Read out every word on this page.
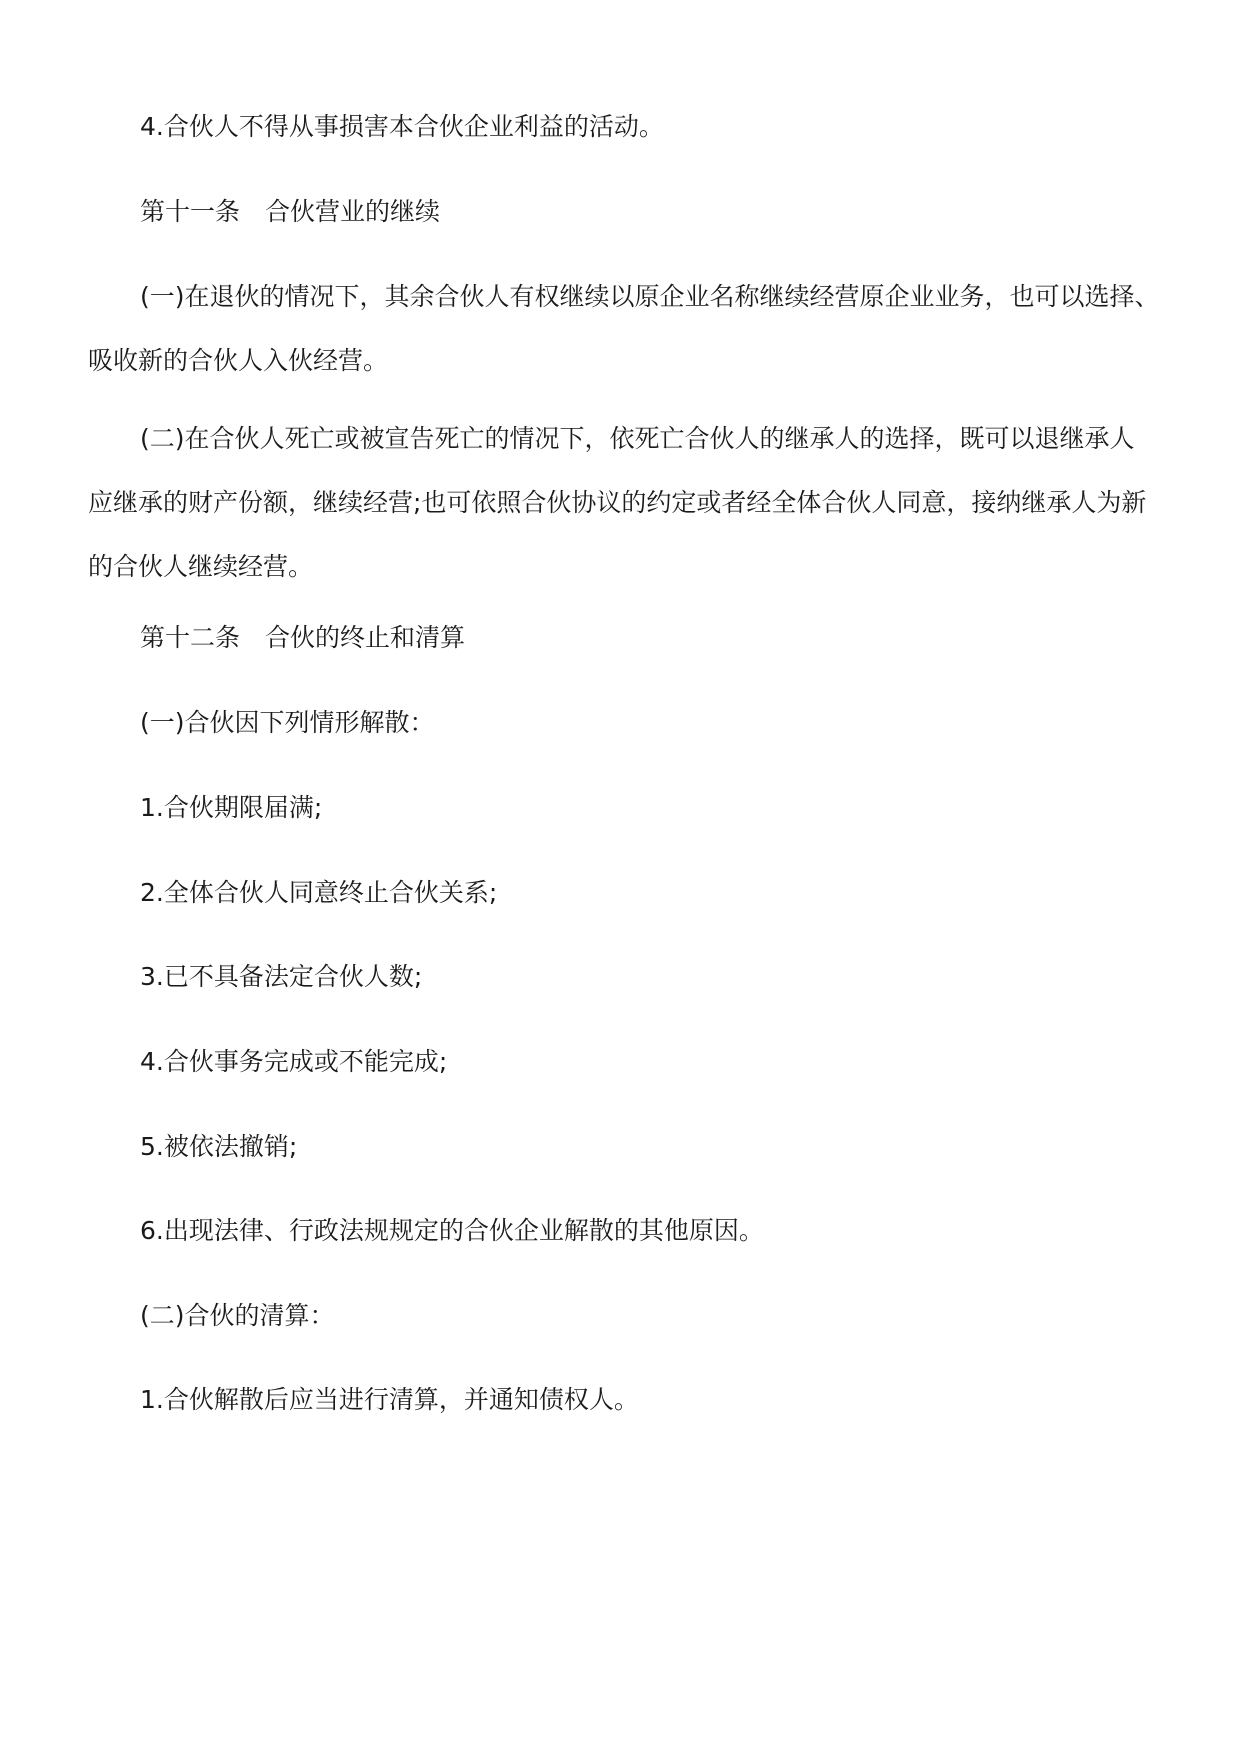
4.合伙人不得从事损害本合伙企业利益的活动。

第十一条　合伙营业的继续

(一)在退伙的情况下，其余合伙人有权继续以原企业名称继续经营原企业业务，也可以选择、
吸收新的合伙人入伙经营。

(二)在合伙人死亡或被宣告死亡的情况下，依死亡合伙人的继承人的选择，既可以退继承人
应继承的财产份额，继续经营;也可依照合伙协议的约定或者经全体合伙人同意，接纳继承人为新
的合伙人继续经营。

第十二条　合伙的终止和清算

(一)合伙因下列情形解散：

1.合伙期限届满;

2.全体合伙人同意终止合伙关系;

3.已不具备法定合伙人数;

4.合伙事务完成或不能完成;

5.被依法撤销;

6.出现法律、行政法规规定的合伙企业解散的其他原因。

(二)合伙的清算：

1.合伙解散后应当进行清算，并通知债权人。
